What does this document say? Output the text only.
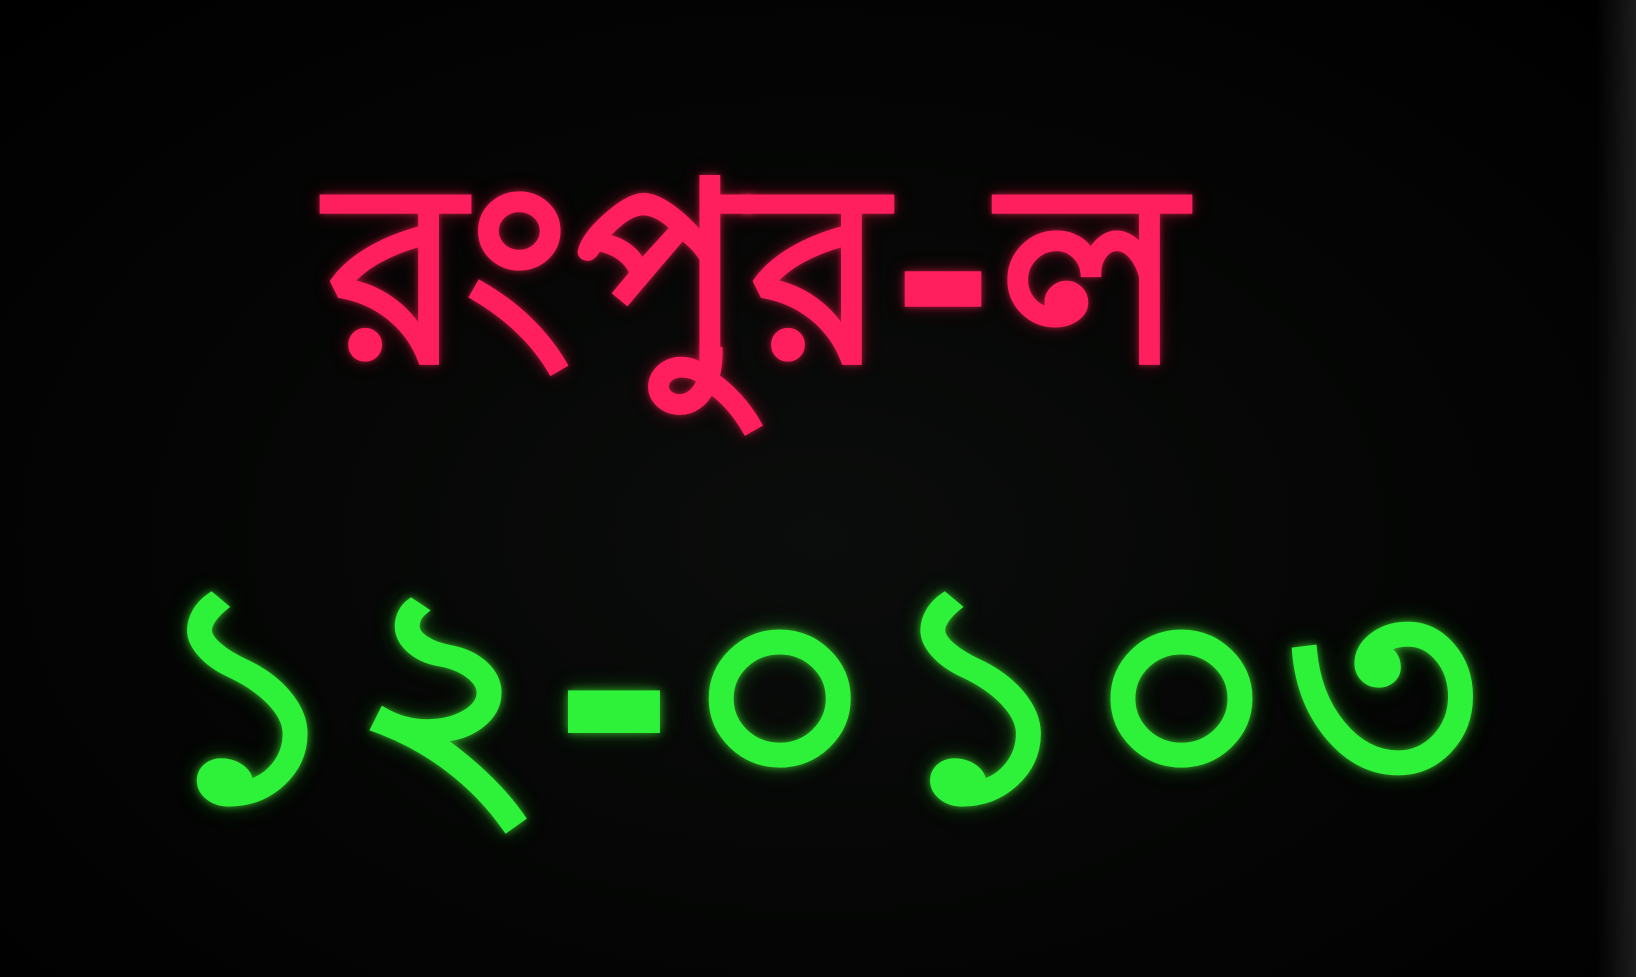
রংপুর-ল
১২-০১০৩
